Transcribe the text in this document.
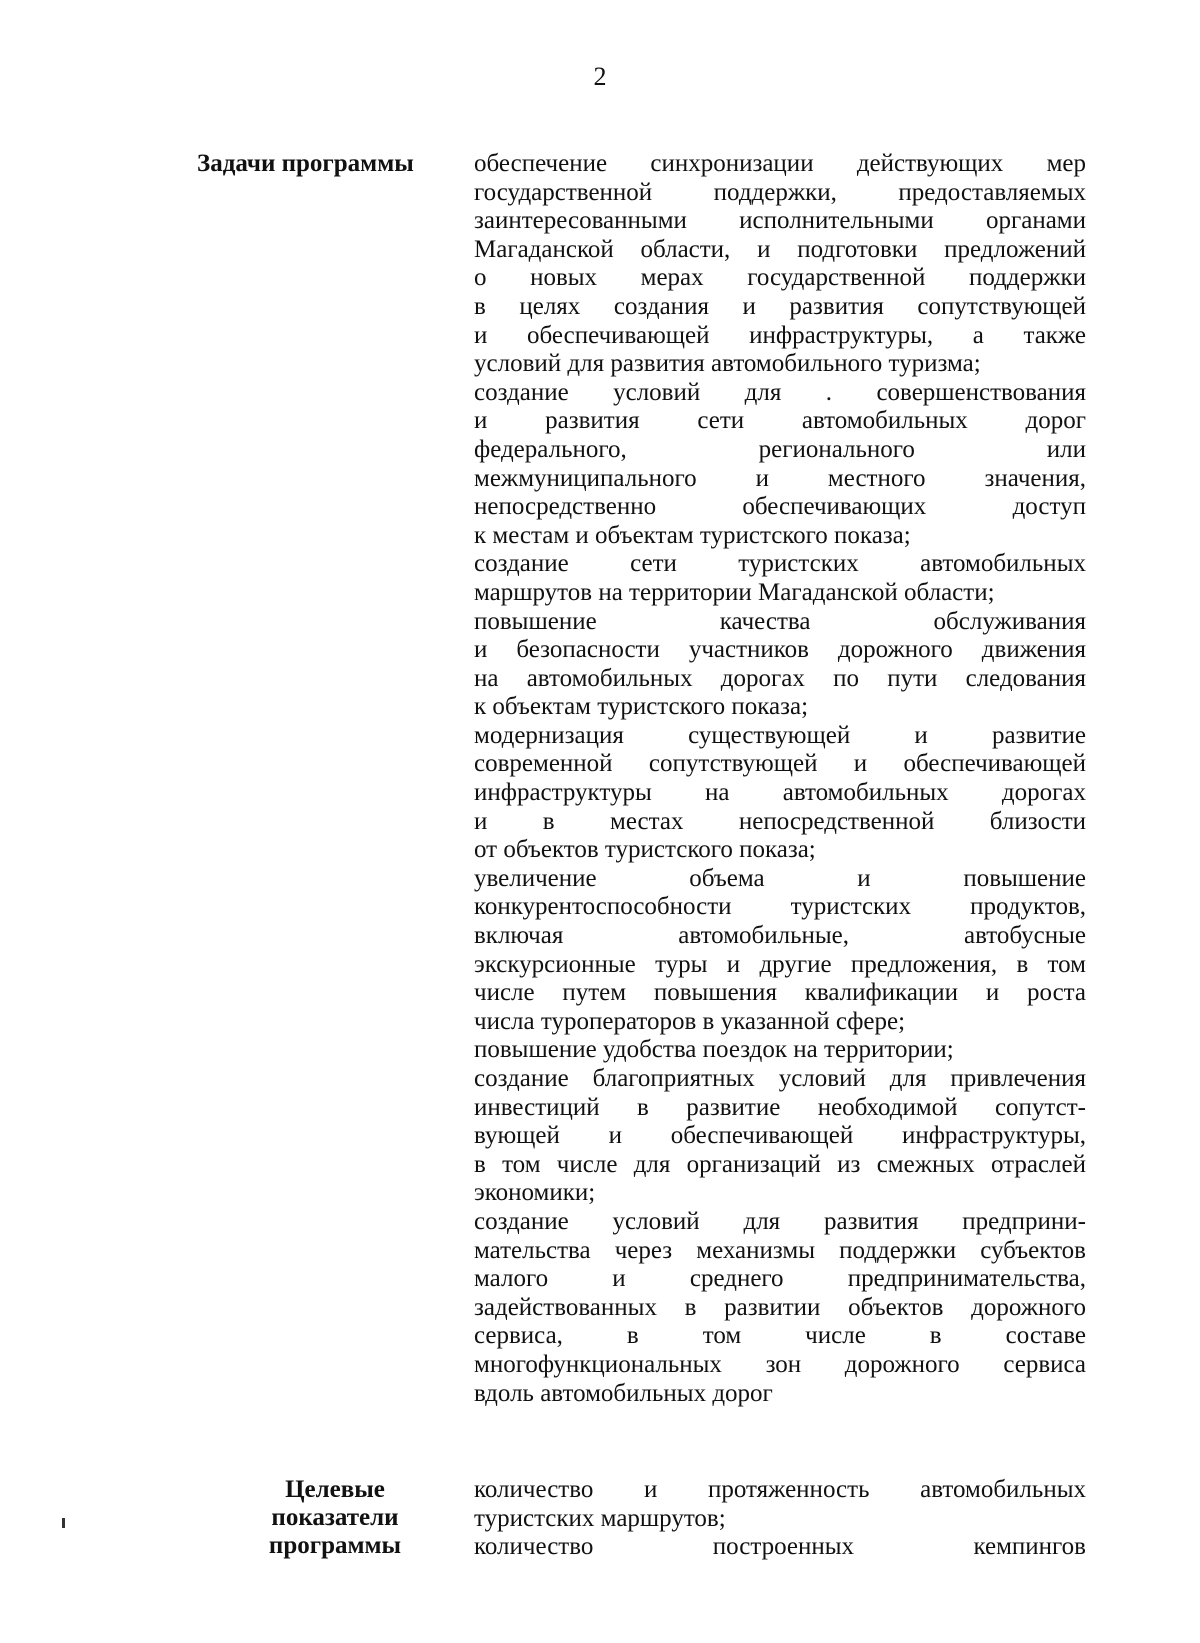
2
Задачи программы	обеспечение синхронизации действующих мер
государственной поддержки, предоставляемых
заинтересованными исполнительными органами
Магаданской области, и подготовки предложений
о новых мерах государственной поддержки
в целях создания и развития сопутствующей
и обеспечивающей инфраструктуры, а также
условий для развития автомобильного туризма;
создание условий для . совершенствования
и развития сети автомобильных дорог
федерального, регионального или
межмуниципального и местного значения,
непосредственно обеспечивающих доступ
к местам и объектам туристского показа;
создание сети туристских автомобильных
маршрутов на территории Магаданской области;
повышение качества обслуживания
и безопасности участников дорожного движения
на автомобильных дорогах по пути следования
к объектам туристского показа;
модернизация существующей и развитие
современной сопутствующей и обеспечивающей
инфраструктуры на автомобильных дорогах
и в местах непосредственной близости
от объектов туристского показа;
увеличение объема и повышение
конкурентоспособности туристских продуктов,
включая автомобильные, автобусные
экскурсионные туры и другие предложения, в том
числе путем повышения квалификации и роста
числа туроператоров в указанной сфере;
повышение удобства поездок на территории;
создание благоприятных условий для привлечения
инвестиций в развитие необходимой сопутст-
вующей и обеспечивающей инфраструктуры,
в том числе для организаций из смежных отраслей
экономики;
создание условий для развития предприни-
мательства через механизмы поддержки субъектов
малого и среднего предпринимательства,
задействованных в развитии объектов дорожного
сервиса, в том числе в составе
многофункциональных зон дорожного сервиса
вдоль автомобильных дорог
Целевые
показатели
программы
количество и протяженность автомобильных
туристских маршрутов;
количество построенных кемпингов
